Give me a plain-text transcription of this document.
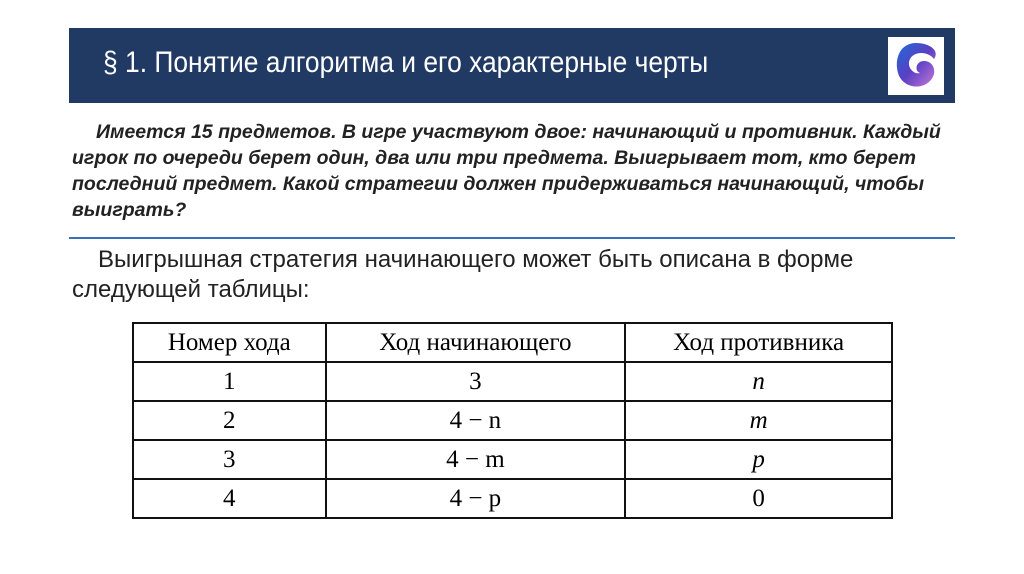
§ 1. Понятие алгоритма и его характерные черты
Имеется 15 предметов. В игре участвуют двое: начинающий и противник. Каждый игрок по очереди берет один, два или три предмета. Выигрывает тот, кто берет последний предмет. Какой стратегии должен придерживаться начинающий, чтобы выиграть?
Выигрышная стратегия начинающего может быть описана в форме следующей таблицы:
Номер хода	Ход начинающего	Ход противника
1	3	n
2	4 − n	m
3	4 − m	p
4	4 − p	0
